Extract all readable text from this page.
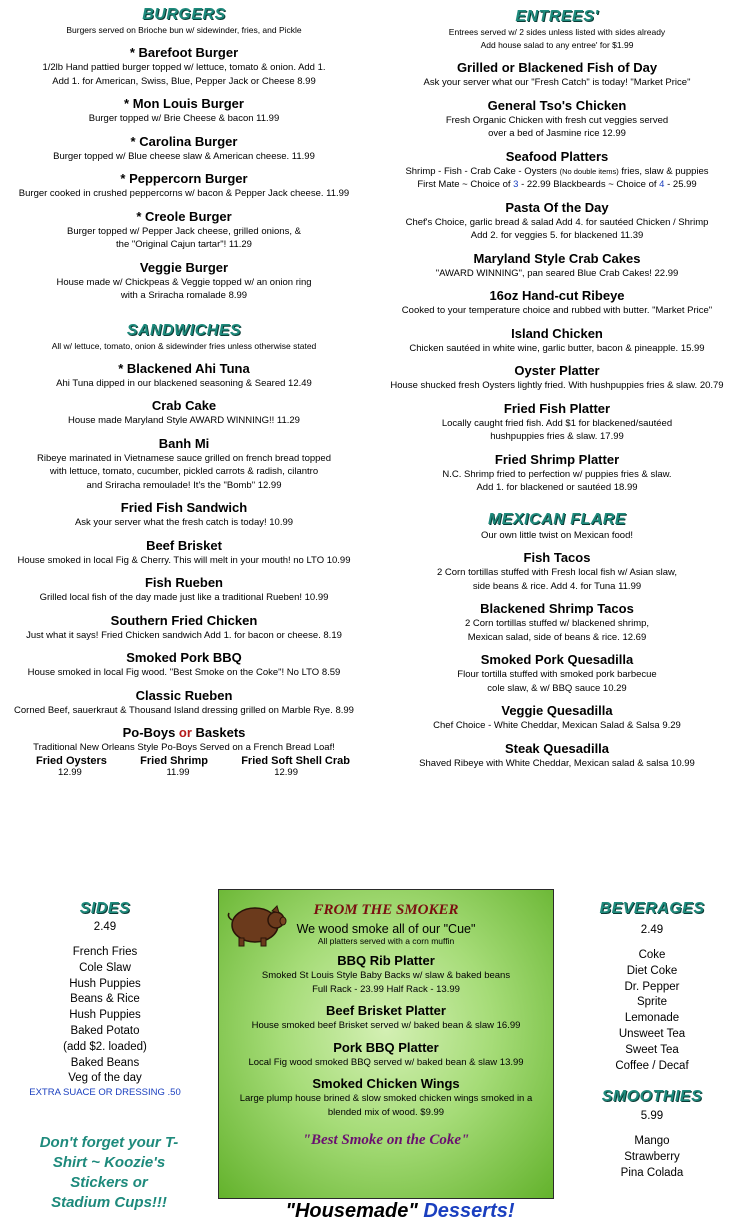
BURGERS
Burgers served on Brioche bun w/ sidewinder, fries, and Pickle
* Barefoot Burger
1/2lb Hand pattied burger topped w/ lettuce, tomato & onion. Add 1.
Add 1. for American, Swiss, Blue, Pepper Jack or Cheese 8.99
* Mon Louis Burger
Burger topped w/ Brie Cheese & bacon 11.99
* Carolina Burger
Burger topped w/ Blue cheese slaw & American cheese. 11.99
* Peppercorn Burger
Burger cooked in crushed peppercorns w/ bacon & Pepper Jack cheese. 11.99
* Creole Burger
Burger topped w/ Pepper Jack cheese, grilled onions, &
the "Original Cajun tartar"! 11.29
Veggie Burger
House made w/ Chickpeas & Veggie topped w/ an onion ring
with a Sriracha romalade 8.99
SANDWICHES
All w/ lettuce, tomato, onion & sidewinder fries unless otherwise stated
* Blackened Ahi Tuna
Ahi Tuna dipped in our blackened seasoning & Seared 12.49
Crab Cake
House made Maryland Style AWARD WINNING!! 11.29
Banh Mi
Ribeye marinated in Vietnamese sauce grilled on french bread topped
with lettuce, tomato, cucumber, pickled carrots & radish, cilantro
and Sriracha remoulade! It's the "Bomb" 12.99
Fried Fish Sandwich
Ask your server what the fresh catch is today! 10.99
Beef Brisket
House smoked in local Fig & Cherry. This will melt in your mouth! no LTO 10.99
Fish Rueben
Grilled local fish of the day made just like a traditional Rueben! 10.99
Southern Fried Chicken
Just what it says! Fried Chicken sandwich Add 1. for bacon or cheese. 8.19
Smoked Pork BBQ
House smoked in local Fig wood. "Best Smoke on the Coke"! No LTO 8.59
Classic Rueben
Corned Beef, sauerkraut & Thousand Island dressing grilled on Marble Rye. 8.99
Po-Boys or Baskets
Traditional New Orleans Style Po-Boys Served on a French Bread Loaf!
Fried Oysters	Fried Shrimp	Fried Soft Shell Crab
12.99	11.99	12.99
ENTREES'
Entrees served w/ 2 sides unless listed with sides already
Add house salad to any entree' for $1.99
Grilled or Blackened Fish of Day
Ask your server what our "Fresh Catch" is today! "Market Price"
General Tso's Chicken
Fresh Organic Chicken with fresh cut veggies served
over a bed of Jasmine rice 12.99
Seafood Platters
Shrimp - Fish - Crab Cake - Oysters (No double items) fries, slaw & puppies
First Mate ~ Choice of 3 - 22.99 Blackbeards ~ Choice of 4 - 25.99
Pasta Of the Day
Chef's Choice, garlic bread & salad Add 4. for sautéed Chicken / Shrimp
Add 2. for veggies 5. for blackened 11.39
Maryland Style Crab Cakes
"AWARD WINNING", pan seared Blue Crab Cakes! 22.99
16oz Hand-cut Ribeye
Cooked to your temperature choice and rubbed with butter. "Market Price"
Island Chicken
Chicken sautéed in white wine, garlic butter, bacon & pineapple. 15.99
Oyster Platter
House shucked fresh Oysters lightly fried. With hushpuppies fries & slaw. 20.79
Fried Fish Platter
Locally caught fried fish. Add $1 for blackened/sautéed
hushpuppies fries & slaw. 17.99
Fried Shrimp Platter
N.C. Shrimp fried to perfection w/ puppies fries & slaw.
Add 1. for blackened or sautéed 18.99
MEXICAN FLARE
Our own little twist on Mexican food!
Fish Tacos
2 Corn tortillas stuffed with Fresh local fish w/ Asian slaw,
side beans & rice. Add 4. for Tuna 11.99
Blackened Shrimp Tacos
2 Corn tortillas stuffed w/ blackened shrimp,
Mexican salad, side of beans & rice. 12.69
Smoked Pork Quesadilla
Flour tortilla stuffed with smoked pork barbecue
cole slaw, & w/ BBQ sauce 10.29
Veggie Quesadilla
Chef Choice - White Cheddar, Mexican Salad & Salsa 9.29
Steak Quesadilla
Shaved Ribeye with White Cheddar, Mexican salad & salsa 10.99
SIDES
2.49
French Fries
Cole Slaw
Hush Puppies
Beans & Rice
Hush Puppies
Baked Potato
(add $2. loaded)
Baked Beans
Veg of the day
EXTRA SUACE OR DRESSING .50
Don't forget your T-
Shirt ~ Koozie's
Stickers or
Stadium Cups!!!
FROM THE SMOKER
We wood smoke all of our "Cue"
All platters served with a corn muffin
BBQ Rib Platter
Smoked St Louis Style Baby Backs w/ slaw & baked beans
Full Rack - 23.99 Half Rack - 13.99
Beef Brisket Platter
House smoked beef Brisket served w/ baked bean & slaw 16.99
Pork BBQ Platter
Local Fig wood smoked BBQ served w/ baked bean & slaw 13.99
Smoked Chicken Wings
Large plump house brined & slow smoked chicken wings smoked in a
blended mix of wood. $9.99
"Best Smoke on the Coke"
BEVERAGES
2.49
Coke
Diet Coke
Dr. Pepper
Sprite
Lemonade
Unsweet Tea
Sweet Tea
Coffee / Decaf
SMOOTHIES
5.99
Mango
Strawberry
Pina Colada
"Housemade" Desserts!
